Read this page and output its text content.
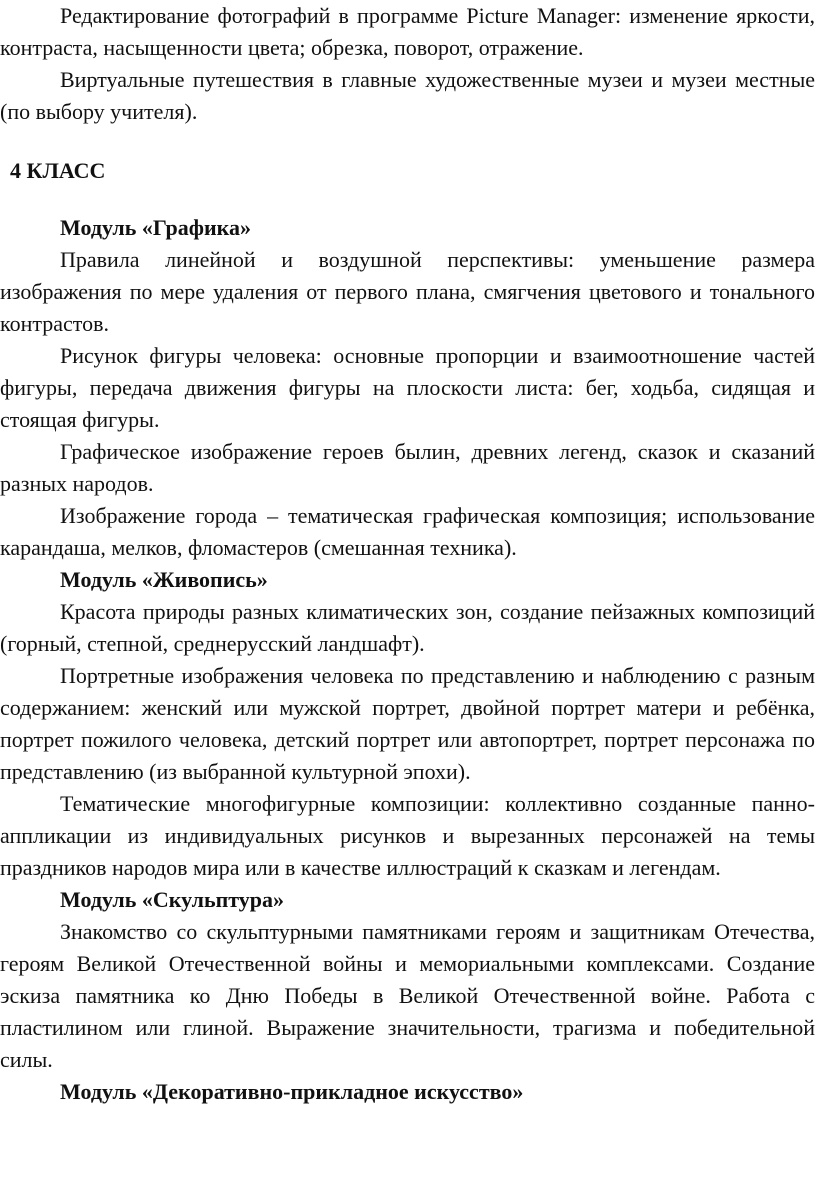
Редактирование фотографий в программе Picture Manager: изменение яркости, контраста, насыщенности цвета; обрезка, поворот, отражение.

Виртуальные путешествия в главные художественные музеи и музеи местные (по выбору учителя).

4 КЛАСС

Модуль «Графика»

Правила линейной и воздушной перспективы: уменьшение размера изображения по мере удаления от первого плана, смягчения цветового и тонального контрастов.

Рисунок фигуры человека: основные пропорции и взаимоотношение частей фигуры, передача движения фигуры на плоскости листа: бег, ходьба, сидящая и стоящая фигуры.

Графическое изображение героев былин, древних легенд, сказок и сказаний разных народов.

Изображение города – тематическая графическая композиция; использование карандаша, мелков, фломастеров (смешанная техника).

Модуль «Живопись»

Красота природы разных климатических зон, создание пейзажных композиций (горный, степной, среднерусский ландшафт).

Портретные изображения человека по представлению и наблюдению с разным содержанием: женский или мужской портрет, двойной портрет матери и ребёнка, портрет пожилого человека, детский портрет или автопортрет, портрет персонажа по представлению (из выбранной культурной эпохи).

Тематические многофигурные композиции: коллективно созданные панно-аппликации из индивидуальных рисунков и вырезанных персонажей на темы праздников народов мира или в качестве иллюстраций к сказкам и легендам.

Модуль «Скульптура»

Знакомство со скульптурными памятниками героям и защитникам Отечества, героям Великой Отечественной войны и мемориальными комплексами. Создание эскиза памятника ко Дню Победы в Великой Отечественной войне. Работа с пластилином или глиной. Выражение значительности, трагизма и победительной силы.

Модуль «Декоративно-прикладное искусство»
